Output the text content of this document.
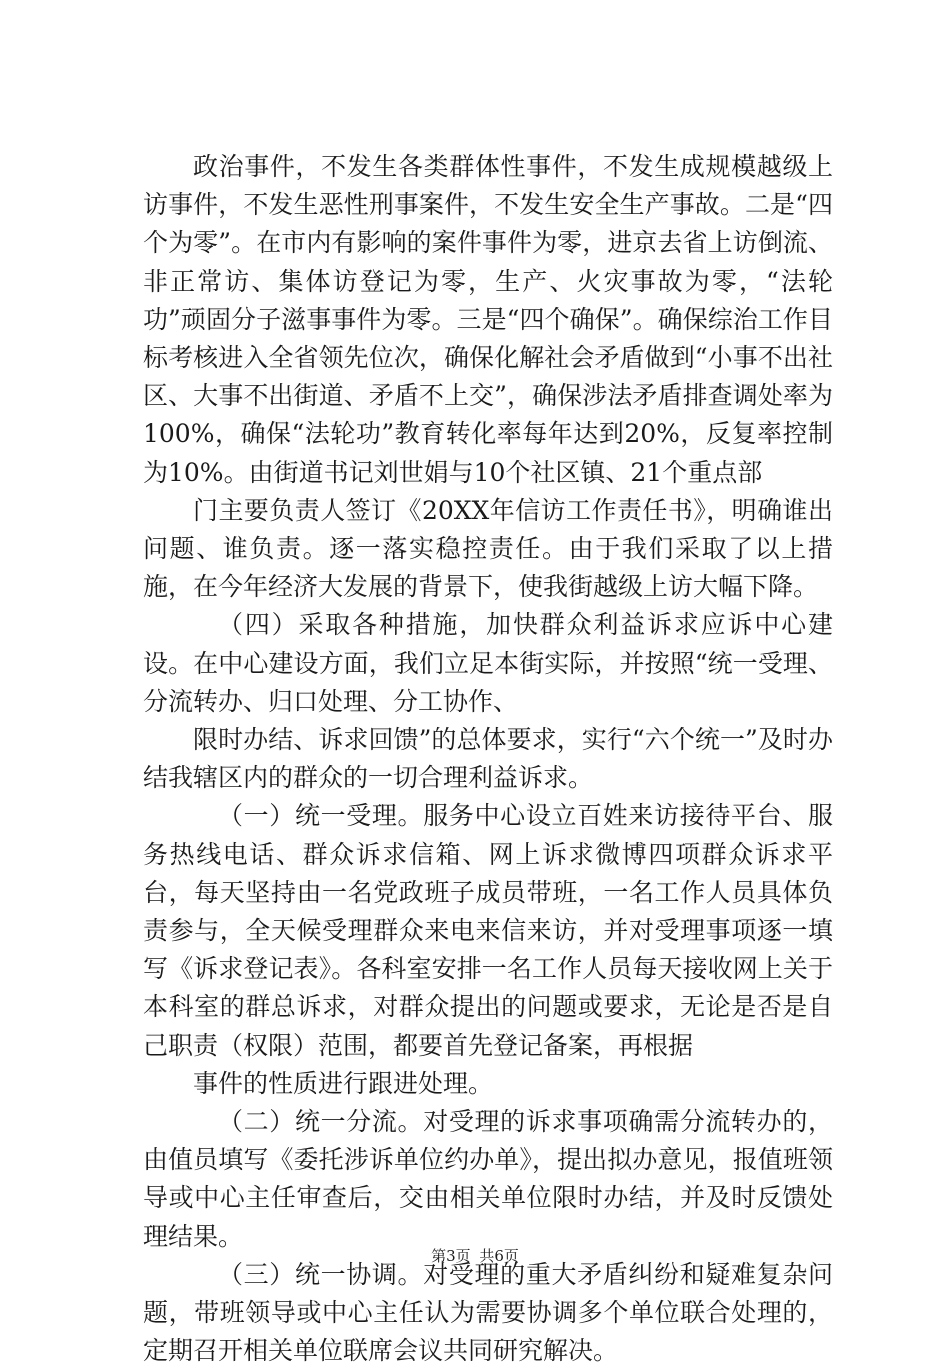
政治事件，不发生各类群体性事件，不发生成规模越级上访事件，不发生恶性刑事案件，不发生安全生产事故。二是“四个为零”。在市内有影响的案件事件为零，进京去省上访倒流、非正常访、集体访登记为零，生产、火灾事故为零，“法轮功”顽固分子滋事事件为零。三是“四个确保”。确保综治工作目标考核进入全省领先位次，确保化解社会矛盾做到“小事不出社区、大事不出街道、矛盾不上交”，确保涉法矛盾排查调处率为100%，确保“法轮功”教育转化率每年达到20%，反复率控制为10%。由街道书记刘世娟与10个社区镇、21个重点部

门主要负责人签订《20XX年信访工作责任书》，明确谁出问题、谁负责。逐一落实稳控责任。由于我们采取了以上措施，在今年经济大发展的背景下，使我街越级上访大幅下降。

（四）采取各种措施，加快群众利益诉求应诉中心建设。在中心建设方面，我们立足本街实际，并按照“统一受理、分流转办、归口处理、分工协作、

限时办结、诉求回馈”的总体要求，实行“六个统一”及时办结我辖区内的群众的一切合理利益诉求。

（一）统一受理。服务中心设立百姓来访接待平台、服务热线电话、群众诉求信箱、网上诉求微博四项群众诉求平台，每天坚持由一名党政班子成员带班，一名工作人员具体负责参与，全天候受理群众来电来信来访，并对受理事项逐一填写《诉求登记表》。各科室安排一名工作人员每天接收网上关于本科室的群总诉求，对群众提出的问题或要求，无论是否是自己职责（权限）范围，都要首先登记备案，再根据

事件的性质进行跟进处理。

（二）统一分流。对受理的诉求事项确需分流转办的，由值员填写《委托涉诉单位约办单》，提出拟办意见，报值班领导或中心主任审查后，交由相关单位限时办结，并及时反馈处理结果。

（三）统一协调。对受理的重大矛盾纠纷和疑难复杂问题，带班领导或中心主任认为需要协调多个单位联合处理的，定期召开相关单位联席会议共同研究解决。

第3页 共6页
